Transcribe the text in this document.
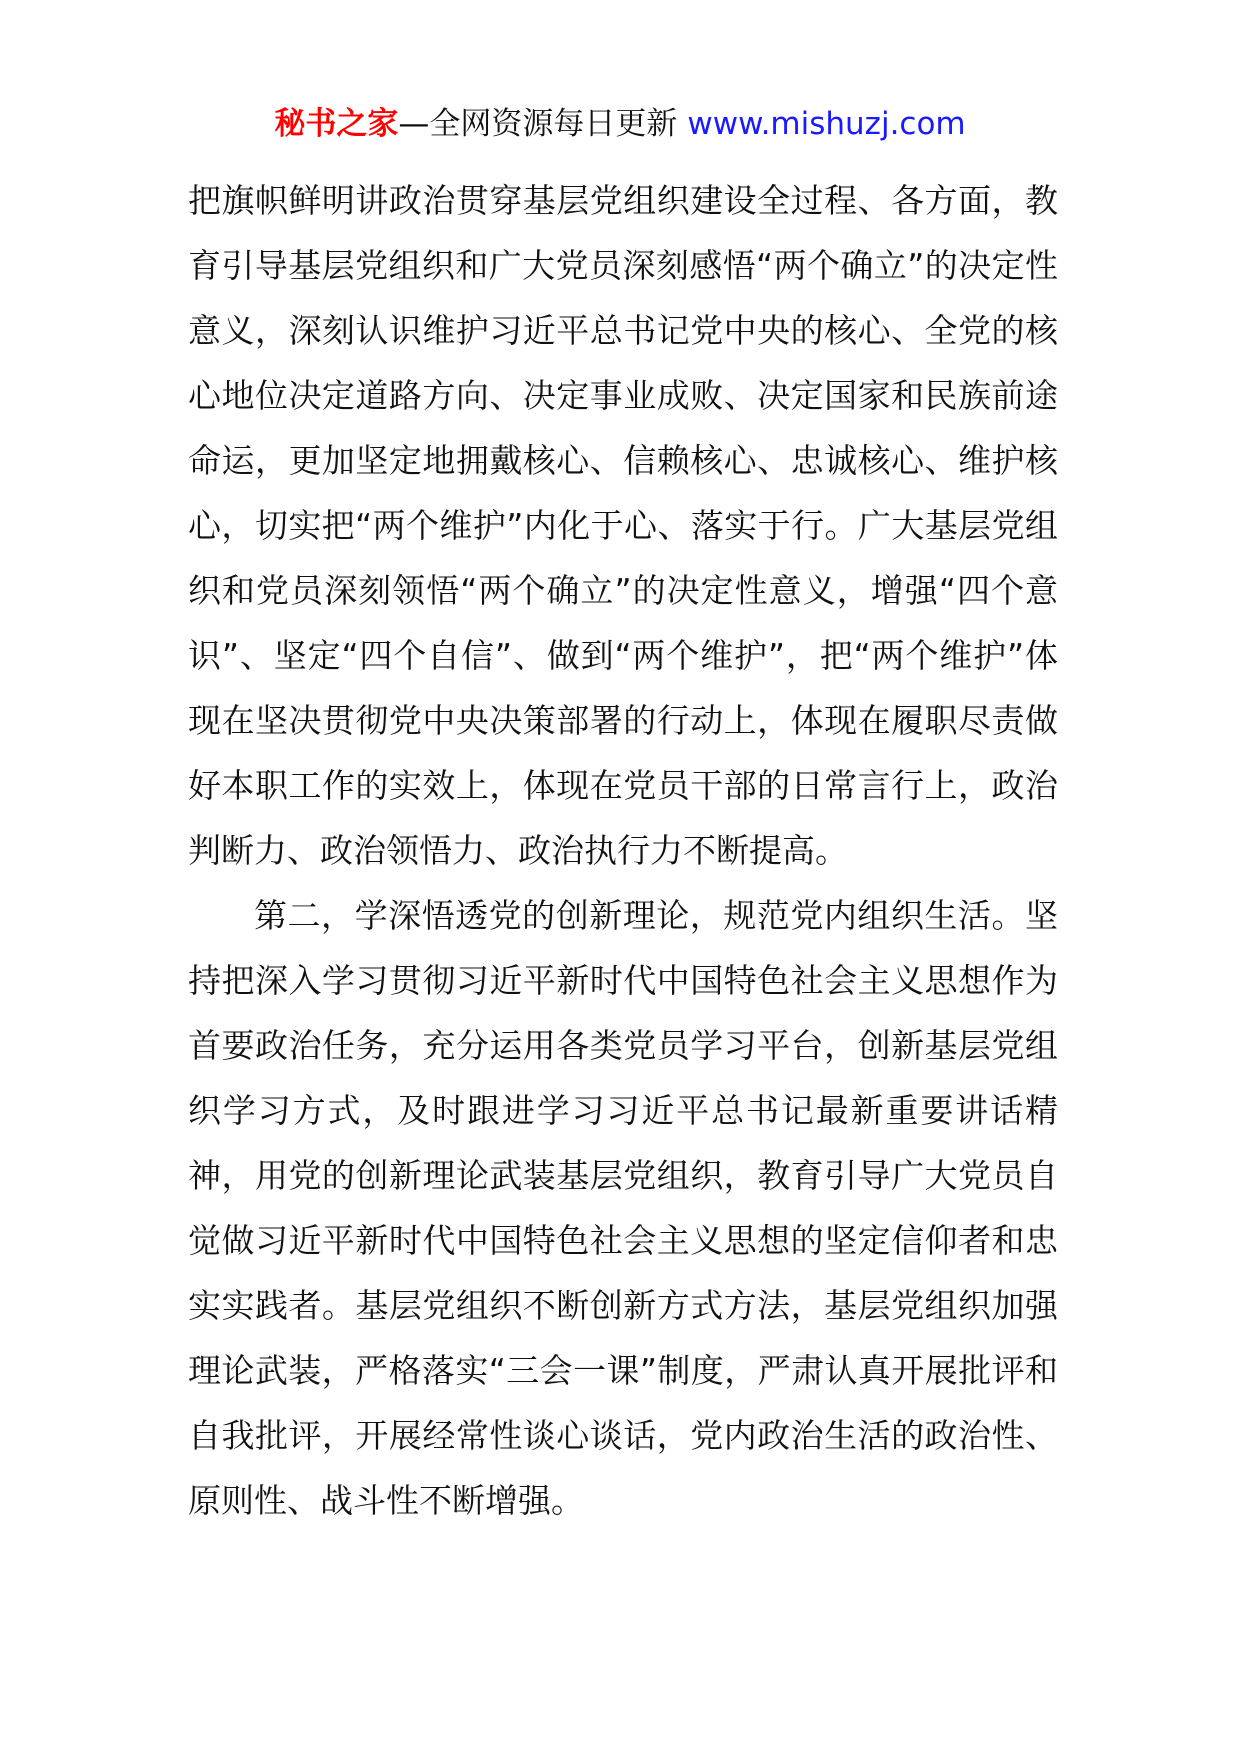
秘书之家—全网资源每日更新 www.mishuzj.com

把旗帜鲜明讲政治贯穿基层党组织建设全过程、各方面，教育引导基层党组织和广大党员深刻感悟“两个确立”的决定性意义，深刻认识维护习近平总书记党中央的核心、全党的核心地位决定道路方向、决定事业成败、决定国家和民族前途命运，更加坚定地拥戴核心、信赖核心、忠诚核心、维护核心，切实把“两个维护”内化于心、落实于行。广大基层党组织和党员深刻领悟“两个确立”的决定性意义，增强“四个意识”、坚定“四个自信”、做到“两个维护”，把“两个维护”体现在坚决贯彻党中央决策部署的行动上，体现在履职尽责做好本职工作的实效上，体现在党员干部的日常言行上，政治判断力、政治领悟力、政治执行力不断提高。

第二，学深悟透党的创新理论，规范党内组织生活。坚持把深入学习贯彻习近平新时代中国特色社会主义思想作为首要政治任务，充分运用各类党员学习平台，创新基层党组织学习方式，及时跟进学习习近平总书记最新重要讲话精神，用党的创新理论武装基层党组织，教育引导广大党员自觉做习近平新时代中国特色社会主义思想的坚定信仰者和忠实实践者。基层党组织不断创新方式方法，基层党组织加强理论武装，严格落实“三会一课”制度，严肃认真开展批评和自我批评，开展经常性谈心谈话，党内政治生活的政治性、原则性、战斗性不断增强。
